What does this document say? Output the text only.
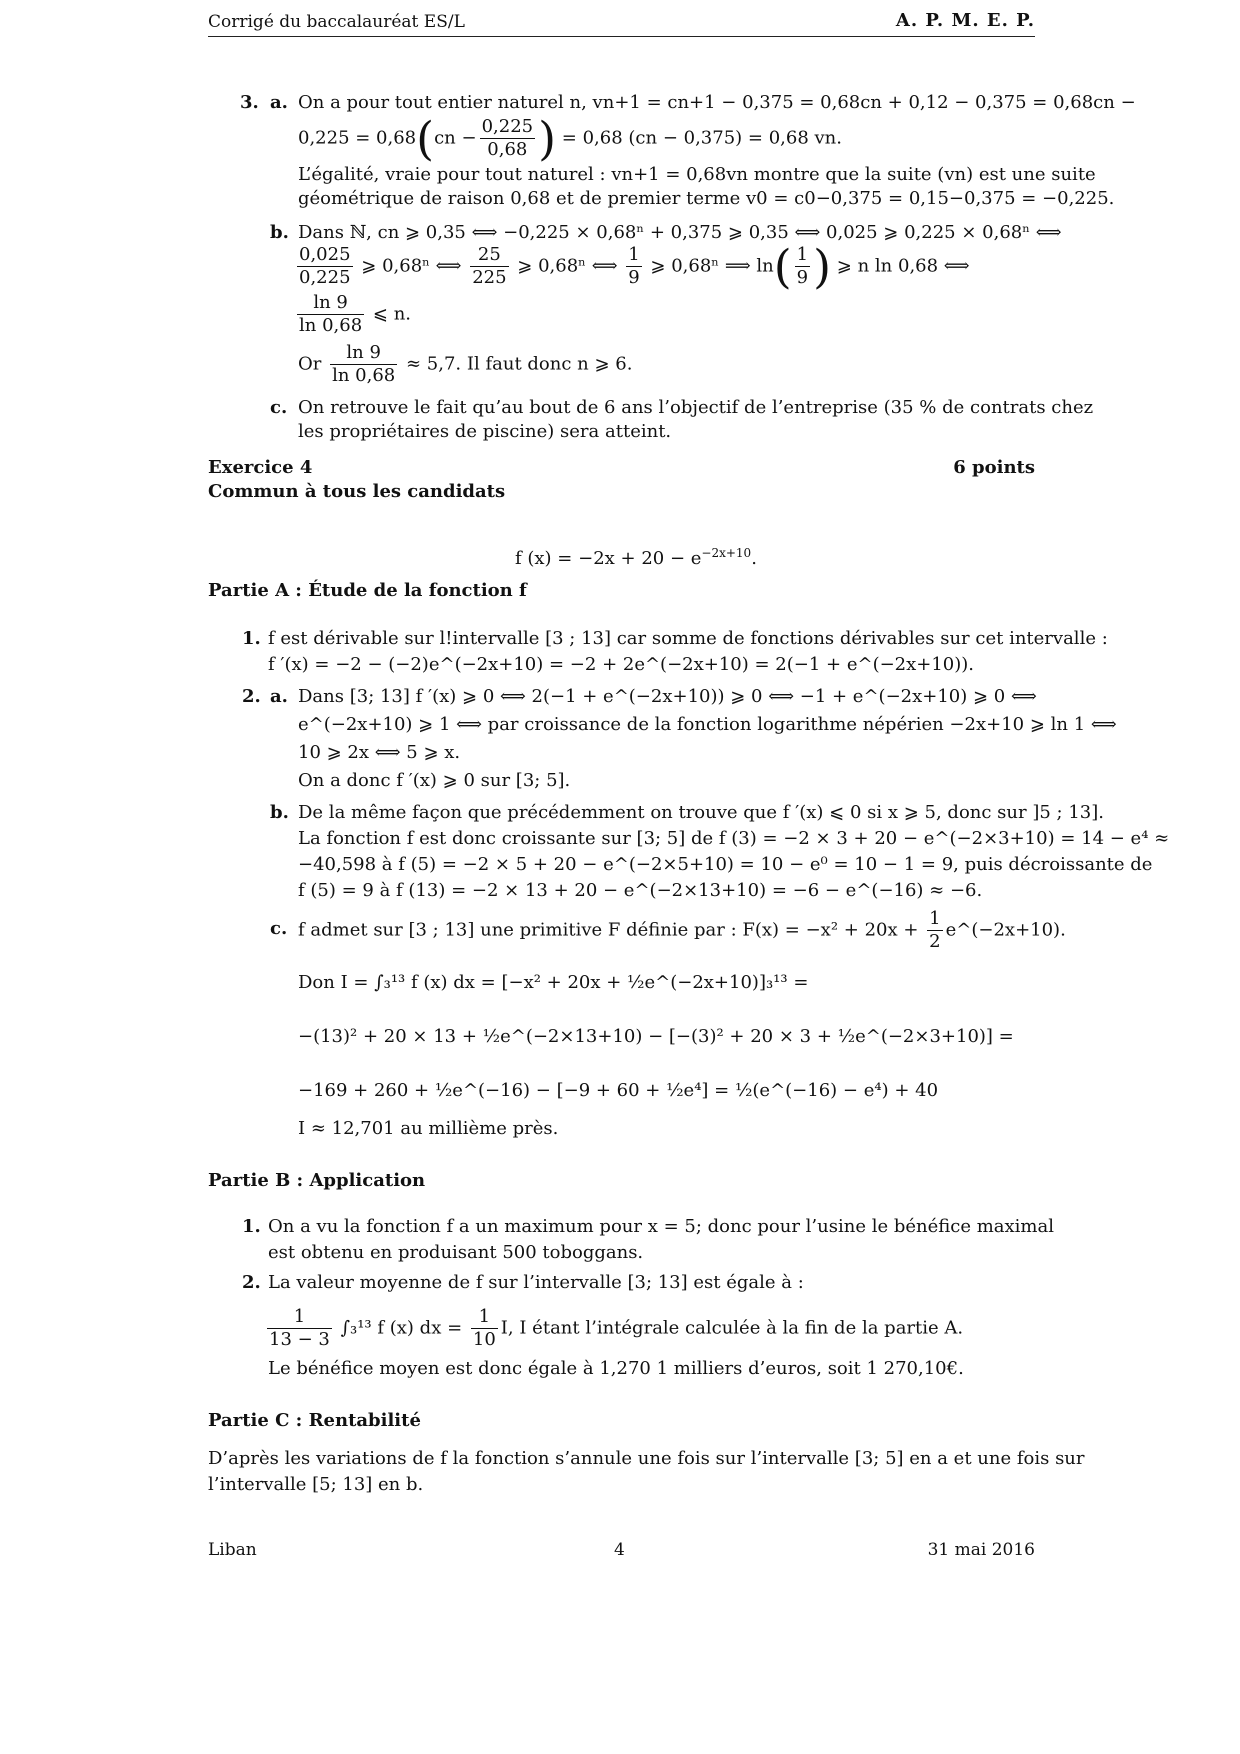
Corrigé du baccalauréat ES/L	A. P. M. E. P.
3. a. On a pour tout entier naturel n, vn+1 = cn+1 − 0,375 = 0,68cn + 0,12 − 0,375 = 0,68cn −
$0,225 = 0,68(cn - \frac{0,225}{0,68}$ ) = 0,68 (cn − 0,375) = 0,68 vn.
L’égalité, vraie pour tout naturel : vn+1 = 0,68vn montre que la suite (vn) est une suite
géométrique de raison 0,68 et de premier terme v0 = c0−0,375 = 0,15−0,375 = −0,225.
b. Dans ℕ, cn ⩾ 0,35 ⟺ −0,225 × 0,68ⁿ + 0,375 ⩾ 0,35 ⟺ 0,025 ⩾ 0,225 × 0,68ⁿ ⟺
$\frac{0,025}{0,225}$ ⩾ 0,68ⁿ ⟺ $\frac{25}{225}$ ⩾ 0,68ⁿ ⟺ $\frac{1}{9}$ ⩾ 0,68ⁿ ⟹ $\ln( \frac{1}{9}$ ) ⩾ n ln 0,68 ⟺
$\frac{\ln 9}{\ln 0,68}$ ⩽ n.
Or $\frac{\ln 9}{\ln 0,68} \approx 5,7$. Il faut donc n ⩾ 6.
c. On retrouve le fait qu’au bout de 6 ans l’objectif de l’entreprise (35 % de contrats chez
les propriétaires de piscine) sera atteint.
Exercice 4	6 points
Commun à tous les candidats
f $(x) = -2x + 20 - e^{-2x+10}$.
Partie A : Étude de la fonction f
1. f est dérivable sur l!intervalle [3 ; 13] car somme de fonctions dérivables sur cet intervalle :
f ′(x) = −2 − (−2)e^(−2x+10) = −2 + 2e^(−2x+10) = 2(−1 + e^(−2x+10)).
2. a. Dans [3; 13] f ′(x) ⩾ 0 ⟺ 2(−1 + e^(−2x+10)) ⩾ 0 ⟺ −1 + e^(−2x+10) ⩾ 0 ⟺
e^(−2x+10) ⩾ 1 ⟺ par croissance de la fonction logarithme népérien −2x+10 ⩾ ln 1 ⟺
10 ⩾ 2x ⟺ 5 ⩾ x.
On a donc f ′(x) ⩾ 0 sur [3; 5].
b. De la même façon que précédemment on trouve que f ′(x) ⩽ 0 si x ⩾ 5, donc sur ]5 ; 13].
La fonction f est donc croissante sur [3; 5] de f (3) = −2 × 3 + 20 − e^(−2×3+10) = 14 − e⁴ ≈
−40,598 à f (5) = −2 × 5 + 20 − e^(−2×5+10) = 10 − e⁰ = 10 − 1 = 9, puis décroissante de
f (5) = 9 à f (13) = −2 × 13 + 20 − e^(−2×13+10) = −6 − e^(−16) ≈ −6.
c. f admet sur [3 ; 13] une primitive F définie par : $F(x) = -x^2 + 20x + \frac{1}{2}$ e^(−2x+10).
Don I = ∫₃¹³ f (x) dx = [−x² + 20x + ½e^(−2x+10)]₃¹³ =
−(13)² + 20 × 13 + ½e^(−2×13+10) − [−(3)² + 20 × 3 + ½e^(−2×3+10)] =
−169 + 260 + ½e^(−16) − [−9 + 60 + ½e⁴] = ½(e^(−16) − e⁴) + 40
I ≈ 12,701 au millième près.
Partie B : Application
1. On a vu la fonction f a un maximum pour x = 5; donc pour l’usine le bénéfice maximal
est obtenu en produisant 500 toboggans.
2. La valeur moyenne de f sur l’intervalle [3; 13] est égale à :
$\frac{1}{13 - 3} \int_3^{13}$ f (x) dx = $\frac{1}{10} I$, I étant l’intégrale calculée à la fin de la partie A.
Le bénéfice moyen est donc égale à 1,270 1 milliers d’euros, soit 1 270,10€.
Partie C : Rentabilité
D’après les variations de f la fonction s’annule une fois sur l’intervalle [3; 5] en a et une fois sur
l’intervalle [5; 13] en b.
Liban	4	31 mai 2016
